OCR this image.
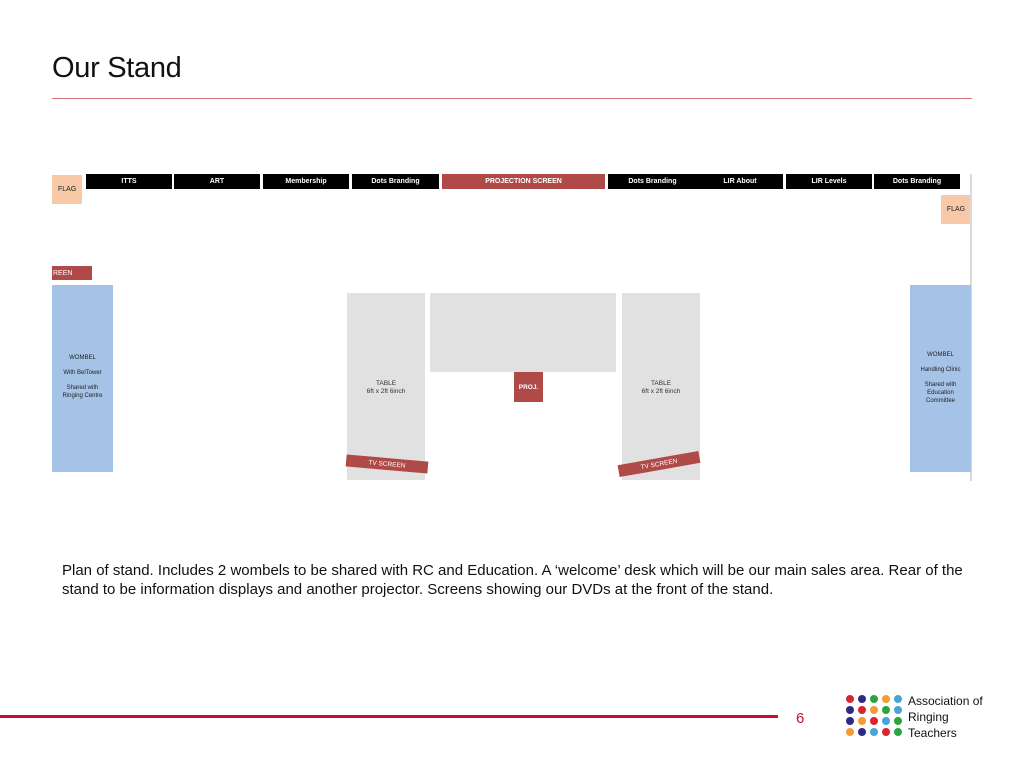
Our Stand
ITTS	ART	Membership	Dots Branding	PROJECTION SCREEN	Dots Branding	LIR About	LIR Levels	Dots Branding
FLAG
FLAG
REEN
WOMBEL
With BelTower
Shared with
Ringing Centre
WOMBEL
Handling Clinic
Shared with
Education
Committee
TABLE
6ft x 2ft 6inch
TABLE
6ft x 2ft 6inch
PROJ.
TV SCREEN	TV SCREEN
Plan of stand. Includes 2 wombels to be shared with RC and Education. A ‘welcome’ desk which will be our main sales area. Rear of the stand to be information displays and another projector. Screens showing our DVDs at the front of the stand.
6
Association of
Ringing
Teachers
